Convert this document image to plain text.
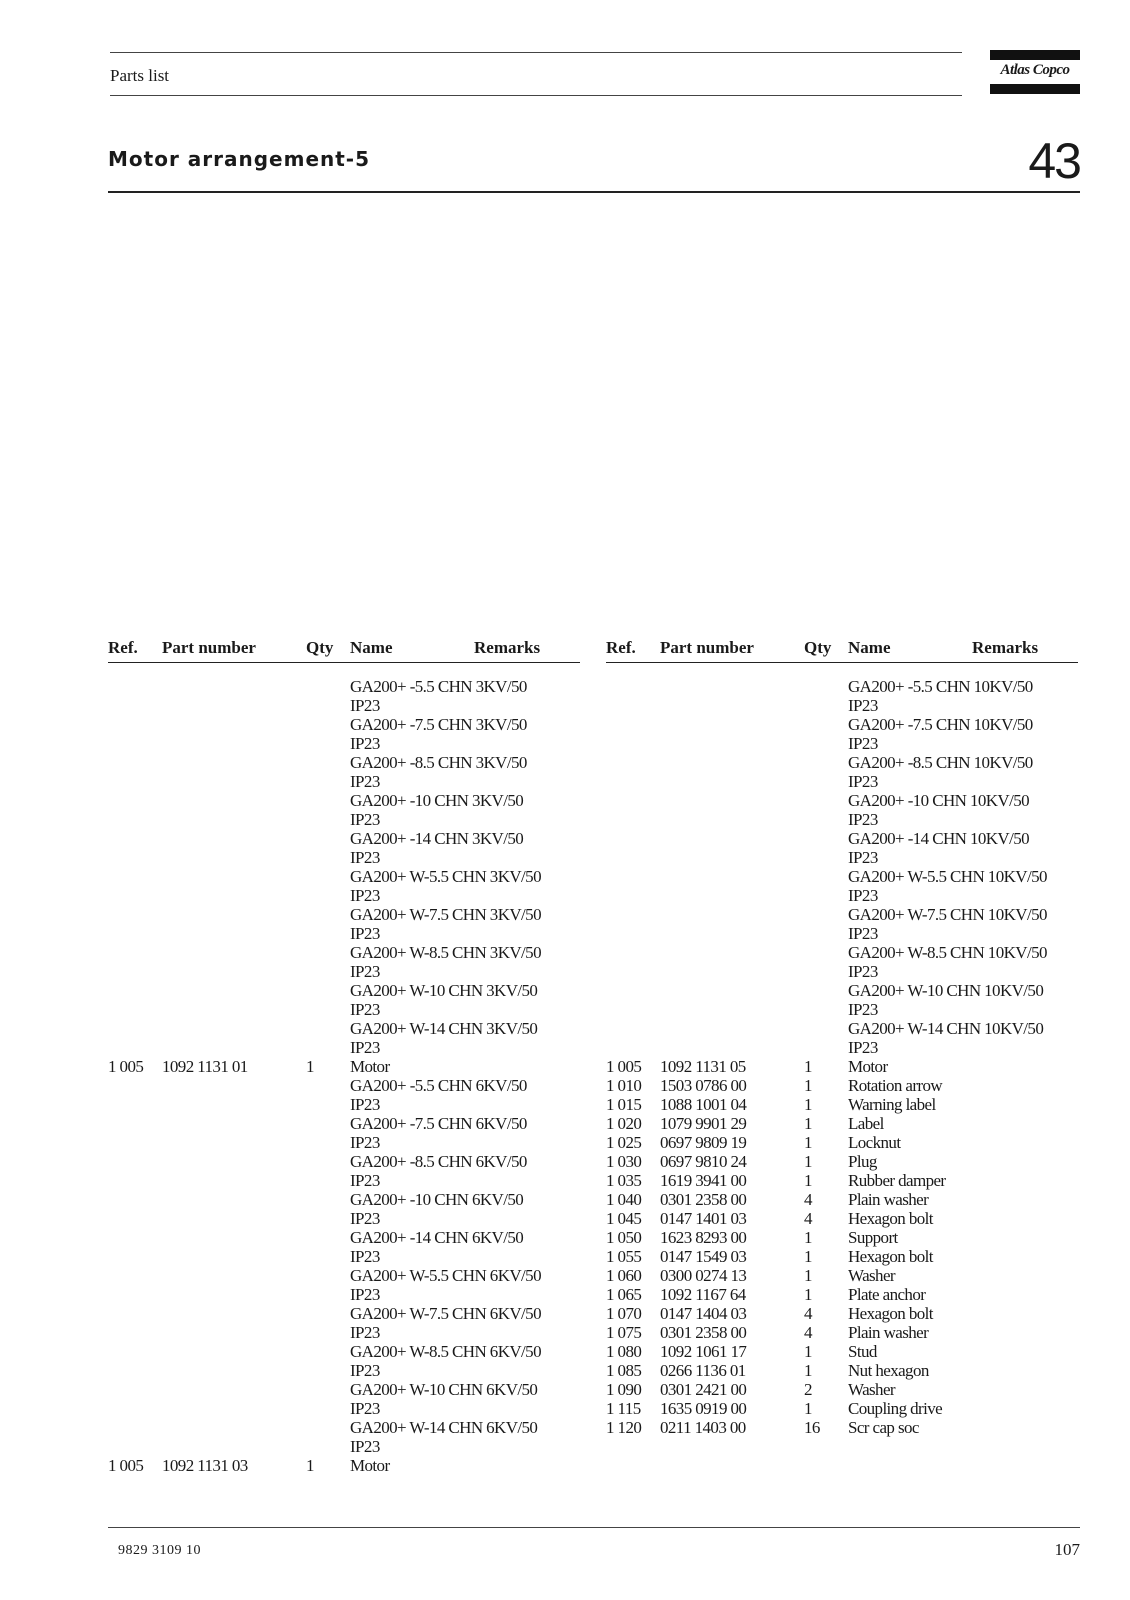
Parts list	Atlas Copco
Motor arrangement-5	43
Ref. Part number	Qty Name	Remarks
GA200+ -5.5 CHN 3KV/50
IP23
GA200+ -7.5 CHN 3KV/50
IP23
GA200+ -8.5 CHN 3KV/50
IP23
GA200+ -10 CHN 3KV/50
IP23
GA200+ -14 CHN 3KV/50
IP23
GA200+ W-5.5 CHN 3KV/50
IP23
GA200+ W-7.5 CHN 3KV/50
IP23
GA200+ W-8.5 CHN 3KV/50
IP23
GA200+ W-10 CHN 3KV/50
IP23
GA200+ W-14 CHN 3KV/50
IP23
1 005 1092 1131 01	1 Motor
GA200+ -5.5 CHN 6KV/50
IP23
GA200+ -7.5 CHN 6KV/50
IP23
GA200+ -8.5 CHN 6KV/50
IP23
GA200+ -10 CHN 6KV/50
IP23
GA200+ -14 CHN 6KV/50
IP23
GA200+ W-5.5 CHN 6KV/50
IP23
GA200+ W-7.5 CHN 6KV/50
IP23
GA200+ W-8.5 CHN 6KV/50
IP23
GA200+ W-10 CHN 6KV/50
IP23
GA200+ W-14 CHN 6KV/50
IP23
1 005 1092 1131 03	1 Motor
Ref. Part number	Qty Name	Remarks
GA200+ -5.5 CHN 10KV/50
IP23
GA200+ -7.5 CHN 10KV/50
IP23
GA200+ -8.5 CHN 10KV/50
IP23
GA200+ -10 CHN 10KV/50
IP23
GA200+ -14 CHN 10KV/50
IP23
GA200+ W-5.5 CHN 10KV/50
IP23
GA200+ W-7.5 CHN 10KV/50
IP23
GA200+ W-8.5 CHN 10KV/50
IP23
GA200+ W-10 CHN 10KV/50
IP23
GA200+ W-14 CHN 10KV/50
IP23
1 005 1092 1131 05	1 Motor
1 010 1503 0786 00	1 Rotation arrow
1 015 1088 1001 04	1 Warning label
1 020 1079 9901 29	1 Label
1 025 0697 9809 19	1 Locknut
1 030 0697 9810 24	1 Plug
1 035 1619 3941 00	1 Rubber damper
1 040 0301 2358 00	4 Plain washer
1 045 0147 1401 03	4 Hexagon bolt
1 050 1623 8293 00	1 Support
1 055 0147 1549 03	1 Hexagon bolt
1 060 0300 0274 13	1 Washer
1 065 1092 1167 64	1 Plate anchor
1 070 0147 1404 03	4 Hexagon bolt
1 075 0301 2358 00	4 Plain washer
1 080 1092 1061 17	1 Stud
1 085 0266 1136 01	1 Nut hexagon
1 090 0301 2421 00	2 Washer
1 115 1635 0919 00	1 Coupling drive
1 120 0211 1403 00	16 Scr cap soc
9829 3109 10	107
